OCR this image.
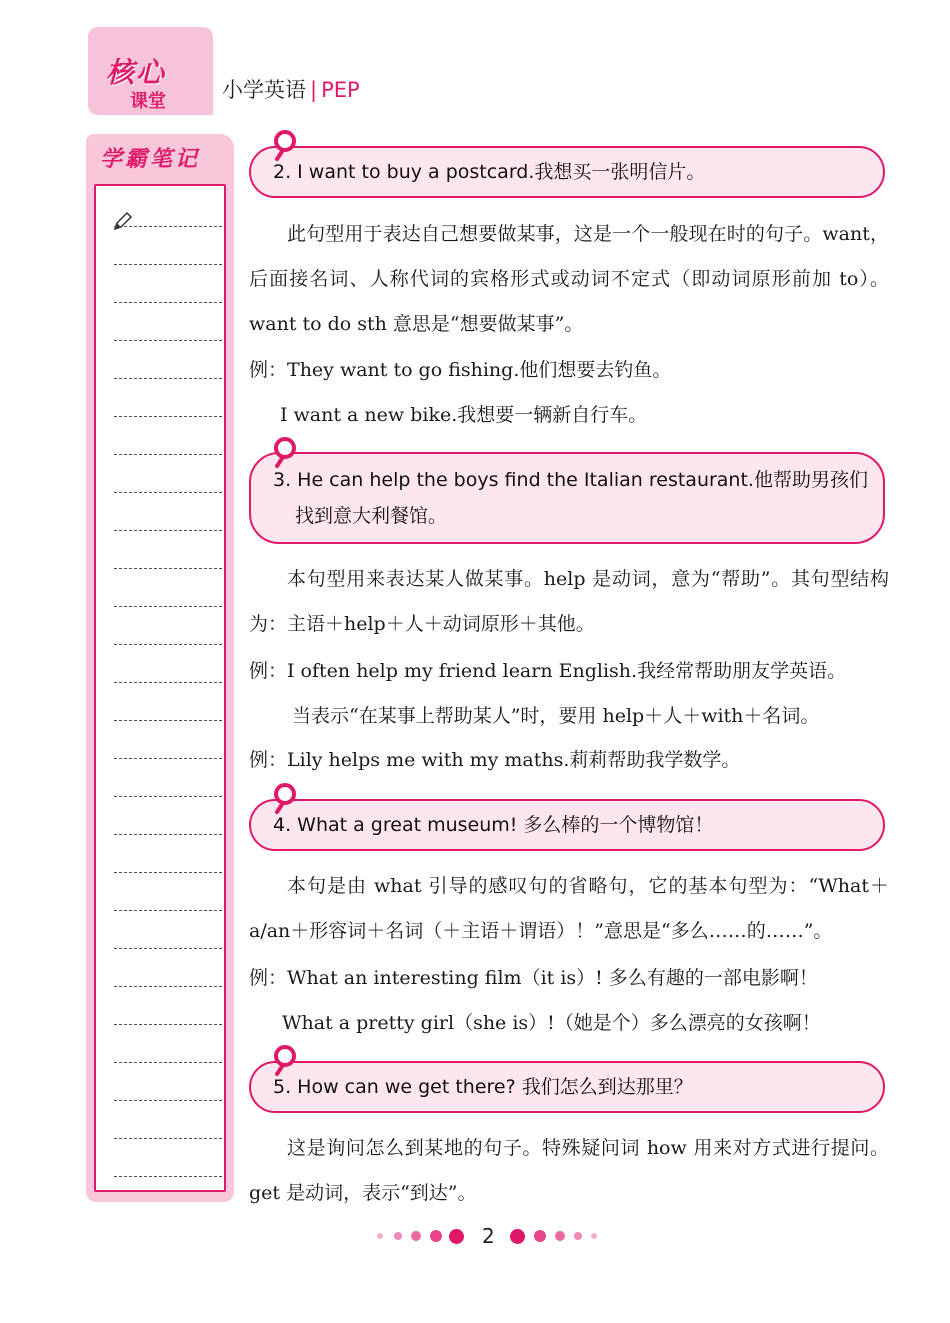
核心
课堂	小学英语 | PEP
学霸笔记	2. I want to buy a postcard.我想买一张明信片。
此句型用于表达自己想要做某事，这是一个一般现在时的句子。want，后面接名词、人称代词的宾格形式或动词不定式（即动词原形前加 to）。want to do sth 意思是“想要做某事”。
例：They want to go fishing.他们想要去钓鱼。
I want a new bike.我想要一辆新自行车。
3. He can help the boys find the Italian restaurant.他帮助男孩们
找到意大利餐馆。
本句型用来表达某人做某事。help 是动词，意为“帮助”。其句型结构为：主语＋help＋人＋动词原形＋其他。
例：I often help my friend learn English.我经常帮助朋友学英语。
当表示“在某事上帮助某人”时，要用 help＋人＋with＋名词。
例：Lily helps me with my maths.莉莉帮助我学数学。
4. What a great museum! 多么棒的一个博物馆！
本句是由 what 引导的感叹句的省略句，它的基本句型为：“What＋a/an＋形容词＋名词（＋主语＋谓语）！”意思是“多么……的……”。
例：What an interesting film（it is）! 多么有趣的一部电影啊！
What a pretty girl（she is）!（她是个）多么漂亮的女孩啊！
5. How can we get there? 我们怎么到达那里？
这是询问怎么到某地的句子。特殊疑问词 how 用来对方式进行提问。get 是动词，表示“到达”。
2
